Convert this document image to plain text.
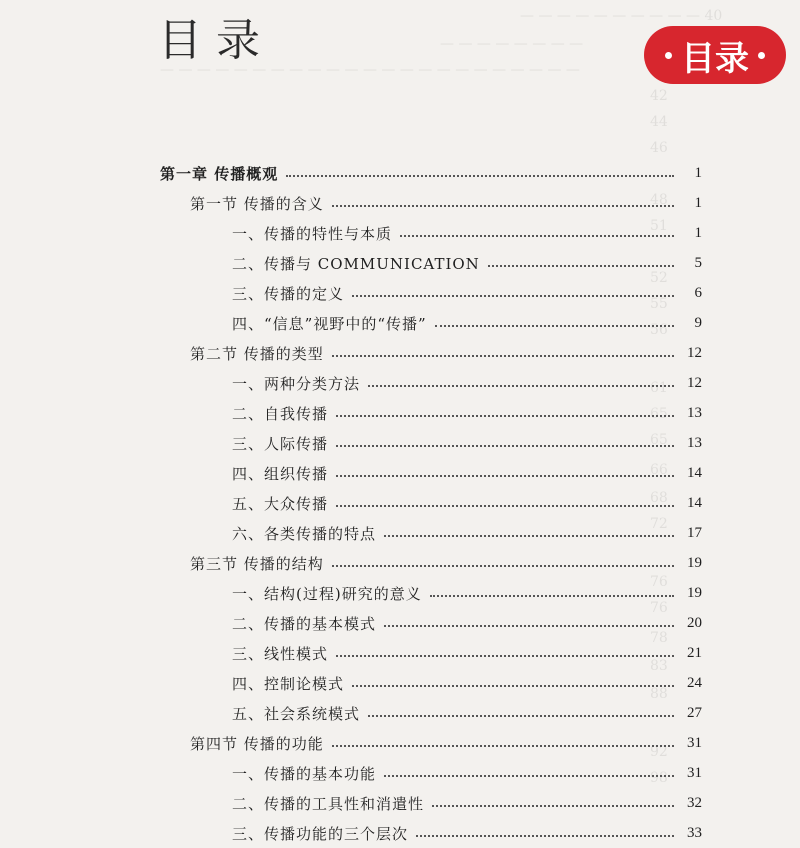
— — — — — — — — — — 40
— — — — — — — —
— — — — — — — — — — — — — — — — — — — — — — —
42
44
46
48
51
52
55
56
61
65
65
66
68
72
76
76
78
83
88
92
98
目录	目录
第一章 传播概观	1
第一节 传播的含义	1
一、传播的特性与本质	1
二、传播与 COMMUNICATION	5
三、传播的定义	6
四、“信息”视野中的“传播”	9
第二节 传播的类型	12
一、两种分类方法	12
二、自我传播	13
三、人际传播	13
四、组织传播	14
五、大众传播	14
六、各类传播的特点	17
第三节 传播的结构	19
一、结构(过程)研究的意义	19
二、传播的基本模式	20
三、线性模式	21
四、控制论模式	24
五、社会系统模式	27
第四节 传播的功能	31
一、传播的基本功能	31
二、传播的工具性和消遣性	32
三、传播功能的三个层次	33
